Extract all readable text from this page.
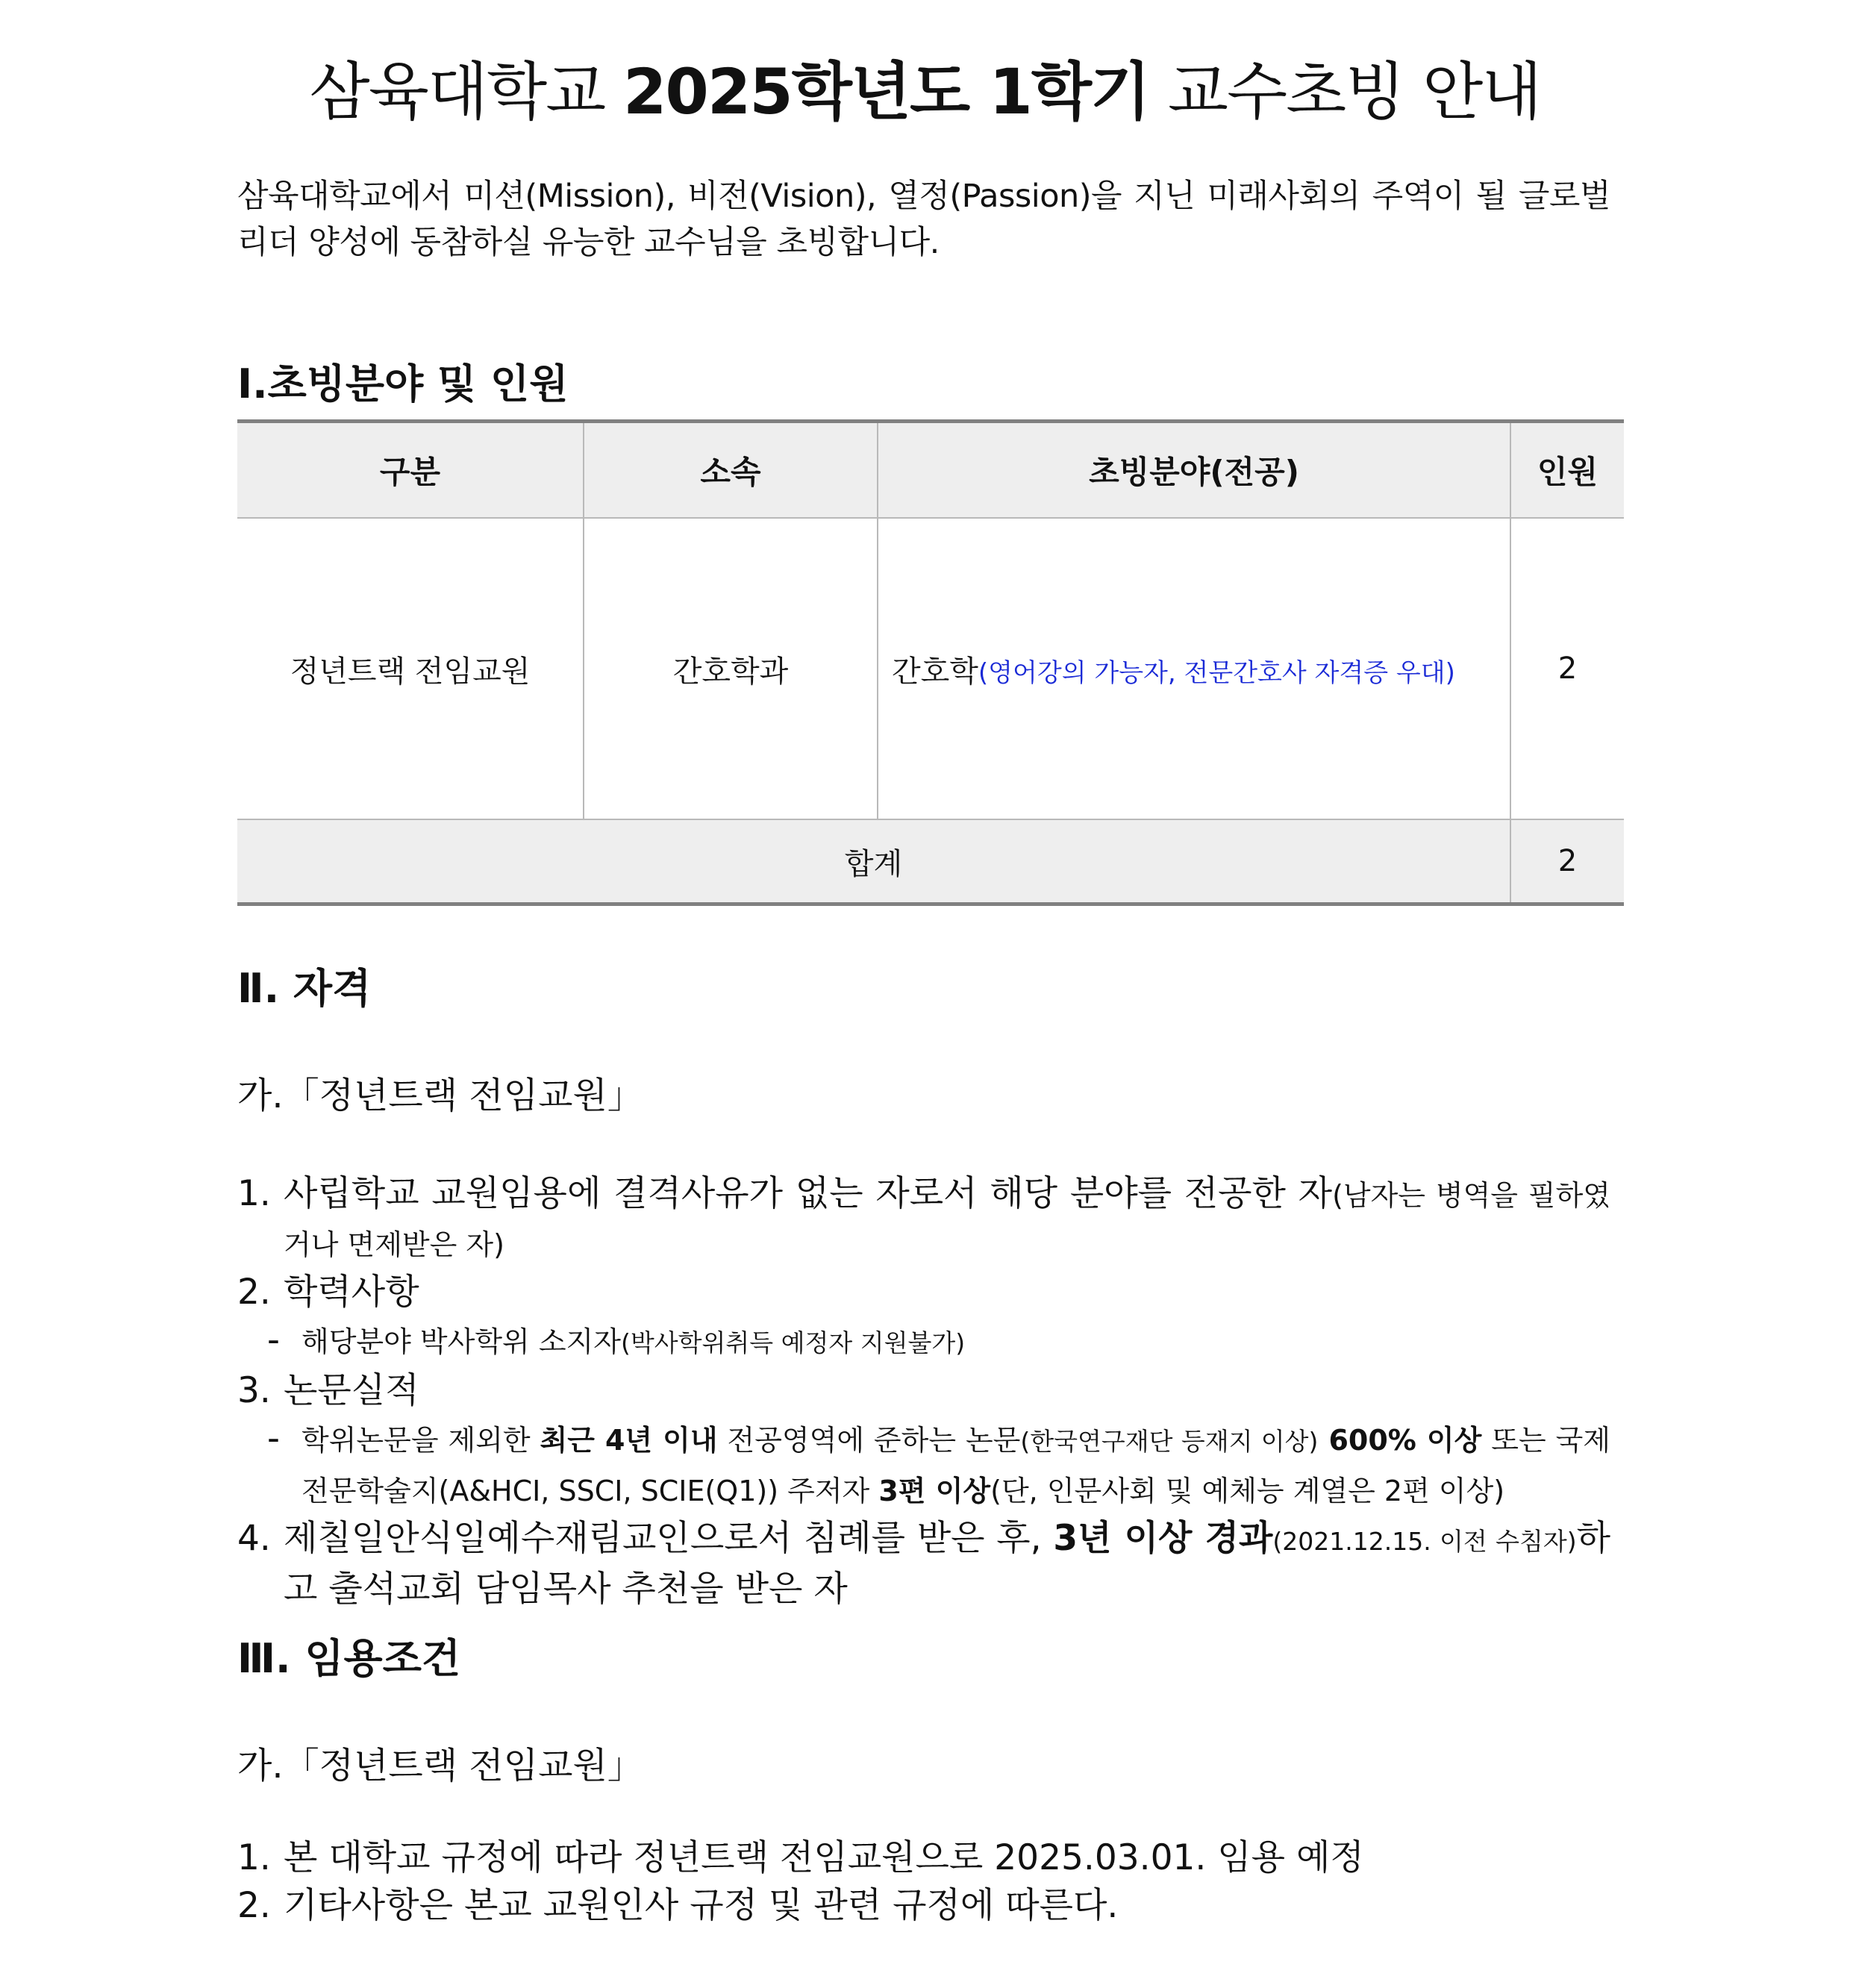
삼육대학교 2025학년도 1학기 교수초빙 안내
삼육대학교에서 미션(Mission), 비전(Vision), 열정(Passion)을 지닌 미래사회의 주역이 될 글로벌리더 양성에 동참하실 유능한 교수님을 초빙합니다.
Ⅰ.초빙분야 및 인원
구분	소속	초빙분야(전공)	인원
정년트랙 전임교원	간호학과	간호학(영어강의 가능자, 전문간호사 자격증 우대)	2
합계			2
Ⅱ. 자격
가.「정년트랙 전임교원」
1. 사립학교 교원임용에 결격사유가 없는 자로서 해당 분야를 전공한 자(남자는 병역을 필하였거나 면제받은 자)
2. 학력사항
- 해당분야 박사학위 소지자(박사학위취득 예정자 지원불가)
3. 논문실적
- 학위논문을 제외한 최근 4년 이내 전공영역에 준하는 논문(한국연구재단 등재지 이상) 600% 이상 또는 국제전문학술지(A&HCI, SSCI, SCIE(Q1)) 주저자 3편 이상(단, 인문사회 및 예체능 계열은 2편 이상)
4. 제칠일안식일예수재림교인으로서 침례를 받은 후, 3년 이상 경과(2021.12.15. 이전 수침자)하고 출석교회 담임목사 추천을 받은 자
Ⅲ. 임용조건
가.「정년트랙 전임교원」
1. 본 대학교 규정에 따라 정년트랙 전임교원으로 2025.03.01. 임용 예정
2. 기타사항은 본교 교원인사 규정 및 관련 규정에 따른다.
